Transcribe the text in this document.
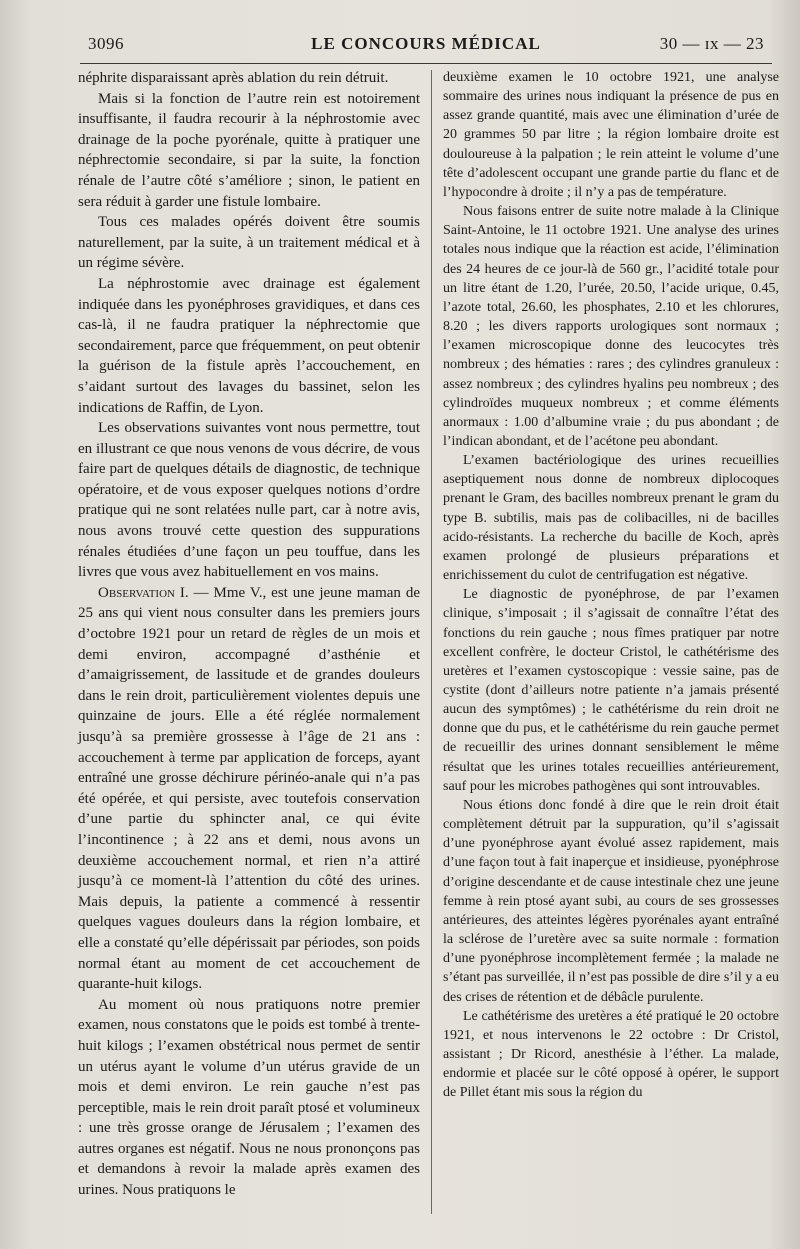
3096	LE CONCOURS MÉDICAL	30 — ɪx — 23

néphrite disparaissant après ablation du rein détruit.

Mais si la fonction de l’autre rein est notoirement insuffisante, il faudra recourir à la néphrostomie avec drainage de la poche pyorénale, quitte à pratiquer une néphrectomie secondaire, si par la suite, la fonction rénale de l’autre côté s’améliore ; sinon, le patient en sera réduit à garder une fistule lombaire.

Tous ces malades opérés doivent être soumis naturellement, par la suite, à un traitement médical et à un régime sévère.

La néphrostomie avec drainage est également indiquée dans les pyonéphroses gravidiques, et dans ces cas-là, il ne faudra pratiquer la néphrectomie que secondairement, parce que fréquemment, on peut obtenir la guérison de la fistule après l’accouchement, en s’aidant surtout des lavages du bassinet, selon les indications de Raffin, de Lyon.

Les observations suivantes vont nous permettre, tout en illustrant ce que nous venons de vous décrire, de vous faire part de quelques détails de diagnostic, de technique opératoire, et de vous exposer quelques notions d’ordre pratique qui ne sont relatées nulle part, car à notre avis, nous avons trouvé cette question des suppurations rénales étudiées d’une façon un peu touffue, dans les livres que vous avez habituellement en vos mains.

Observation I. — Mme V., est une jeune maman de 25 ans qui vient nous consulter dans les premiers jours d’octobre 1921 pour un retard de règles de un mois et demi environ, accompagné d’asthénie et d’amaigrissement, de lassitude et de grandes douleurs dans le rein droit, particulièrement violentes depuis une quinzaine de jours. Elle a été réglée normalement jusqu’à sa première grossesse à l’âge de 21 ans : accouchement à terme par application de forceps, ayant entraîné une grosse déchirure périnéo-anale qui n’a pas été opérée, et qui persiste, avec toutefois conservation d’une partie du sphincter anal, ce qui évite l’incontinence ; à 22 ans et demi, nous avons un deuxième accouchement normal, et rien n’a attiré jusqu’à ce moment-là l’attention du côté des urines. Mais depuis, la patiente a commencé à ressentir quelques vagues douleurs dans la région lombaire, et elle a constaté qu’elle dépérissait par périodes, son poids normal étant au moment de cet accouchement de quarante-huit kilogs.

Au moment où nous pratiquons notre premier examen, nous constatons que le poids est tombé à trente-huit kilogs ; l’examen obstétrical nous permet de sentir un utérus ayant le volume d’un utérus gravide de un mois et demi environ. Le rein gauche n’est pas perceptible, mais le rein droit paraît ptosé et volumineux : une très grosse orange de Jérusalem ; l’examen des autres organes est négatif. Nous ne nous prononçons pas et demandons à revoir la malade après examen des urines. Nous pratiquons le

deuxième examen le 10 octobre 1921, une analyse sommaire des urines nous indiquant la présence de pus en assez grande quantité, mais avec une élimination d’urée de 20 grammes 50 par litre ; la région lombaire droite est douloureuse à la palpation ; le rein atteint le volume d’une tête d’adolescent occupant une grande partie du flanc et de l’hypocondre à droite ; il n’y a pas de température.

Nous faisons entrer de suite notre malade à la Clinique Saint-Antoine, le 11 octobre 1921. Une analyse des urines totales nous indique que la réaction est acide, l’élimination des 24 heures de ce jour-là de 560 gr., l’acidité totale pour un litre étant de 1.20, l’urée, 20.50, l’acide urique, 0.45, l’azote total, 26.60, les phosphates, 2.10 et les chlorures, 8.20 ; les divers rapports urologiques sont normaux ; l’examen microscopique donne des leucocytes très nombreux ; des hématies : rares ; des cylindres granuleux : assez nombreux ; des cylindres hyalins peu nombreux ; des cylindroïdes muqueux nombreux ; et comme éléments anormaux : 1.00 d’albumine vraie ; du pus abondant ; de l’indican abondant, et de l’acétone peu abondant.

L’examen bactériologique des urines recueillies aseptiquement nous donne de nombreux diplocoques prenant le Gram, des bacilles nombreux prenant le gram du type B. subtilis, mais pas de colibacilles, ni de bacilles acido-résistants. La recherche du bacille de Koch, après examen prolongé de plusieurs préparations et enrichissement du culot de centrifugation est négative.

Le diagnostic de pyonéphrose, de par l’examen clinique, s’imposait ; il s’agissait de connaître l’état des fonctions du rein gauche ; nous fîmes pratiquer par notre excellent confrère, le docteur Cristol, le cathétérisme des uretères et l’examen cystoscopique : vessie saine, pas de cystite (dont d’ailleurs notre patiente n’a jamais présenté aucun des symptômes) ; le cathétérisme du rein droit ne donne que du pus, et le cathétérisme du rein gauche permet de recueillir des urines donnant sensiblement le même résultat que les urines totales recueillies antérieurement, sauf pour les microbes pathogènes qui sont introuvables.

Nous étions donc fondé à dire que le rein droit était complètement détruit par la suppuration, qu’il s’agissait d’une pyonéphrose ayant évolué assez rapidement, mais d’une façon tout à fait inaperçue et insidieuse, pyonéphrose d’origine descendante et de cause intestinale chez une jeune femme à rein ptosé ayant subi, au cours de ses grossesses antérieures, des atteintes légères pyorénales ayant entraîné la sclérose de l’uretère avec sa suite normale : formation d’une pyonéphrose incomplètement fermée ; la malade ne s’étant pas surveillée, il n’est pas possible de dire s’il y a eu des crises de rétention et de débâcle purulente.

Le cathétérisme des uretères a été pratiqué le 20 octobre 1921, et nous intervenons le 22 octobre : Dr Cristol, assistant ; Dr Ricord, anesthésie à l’éther. La malade, endormie et placée sur le côté opposé à opérer, le support de Pillet étant mis sous la région du
